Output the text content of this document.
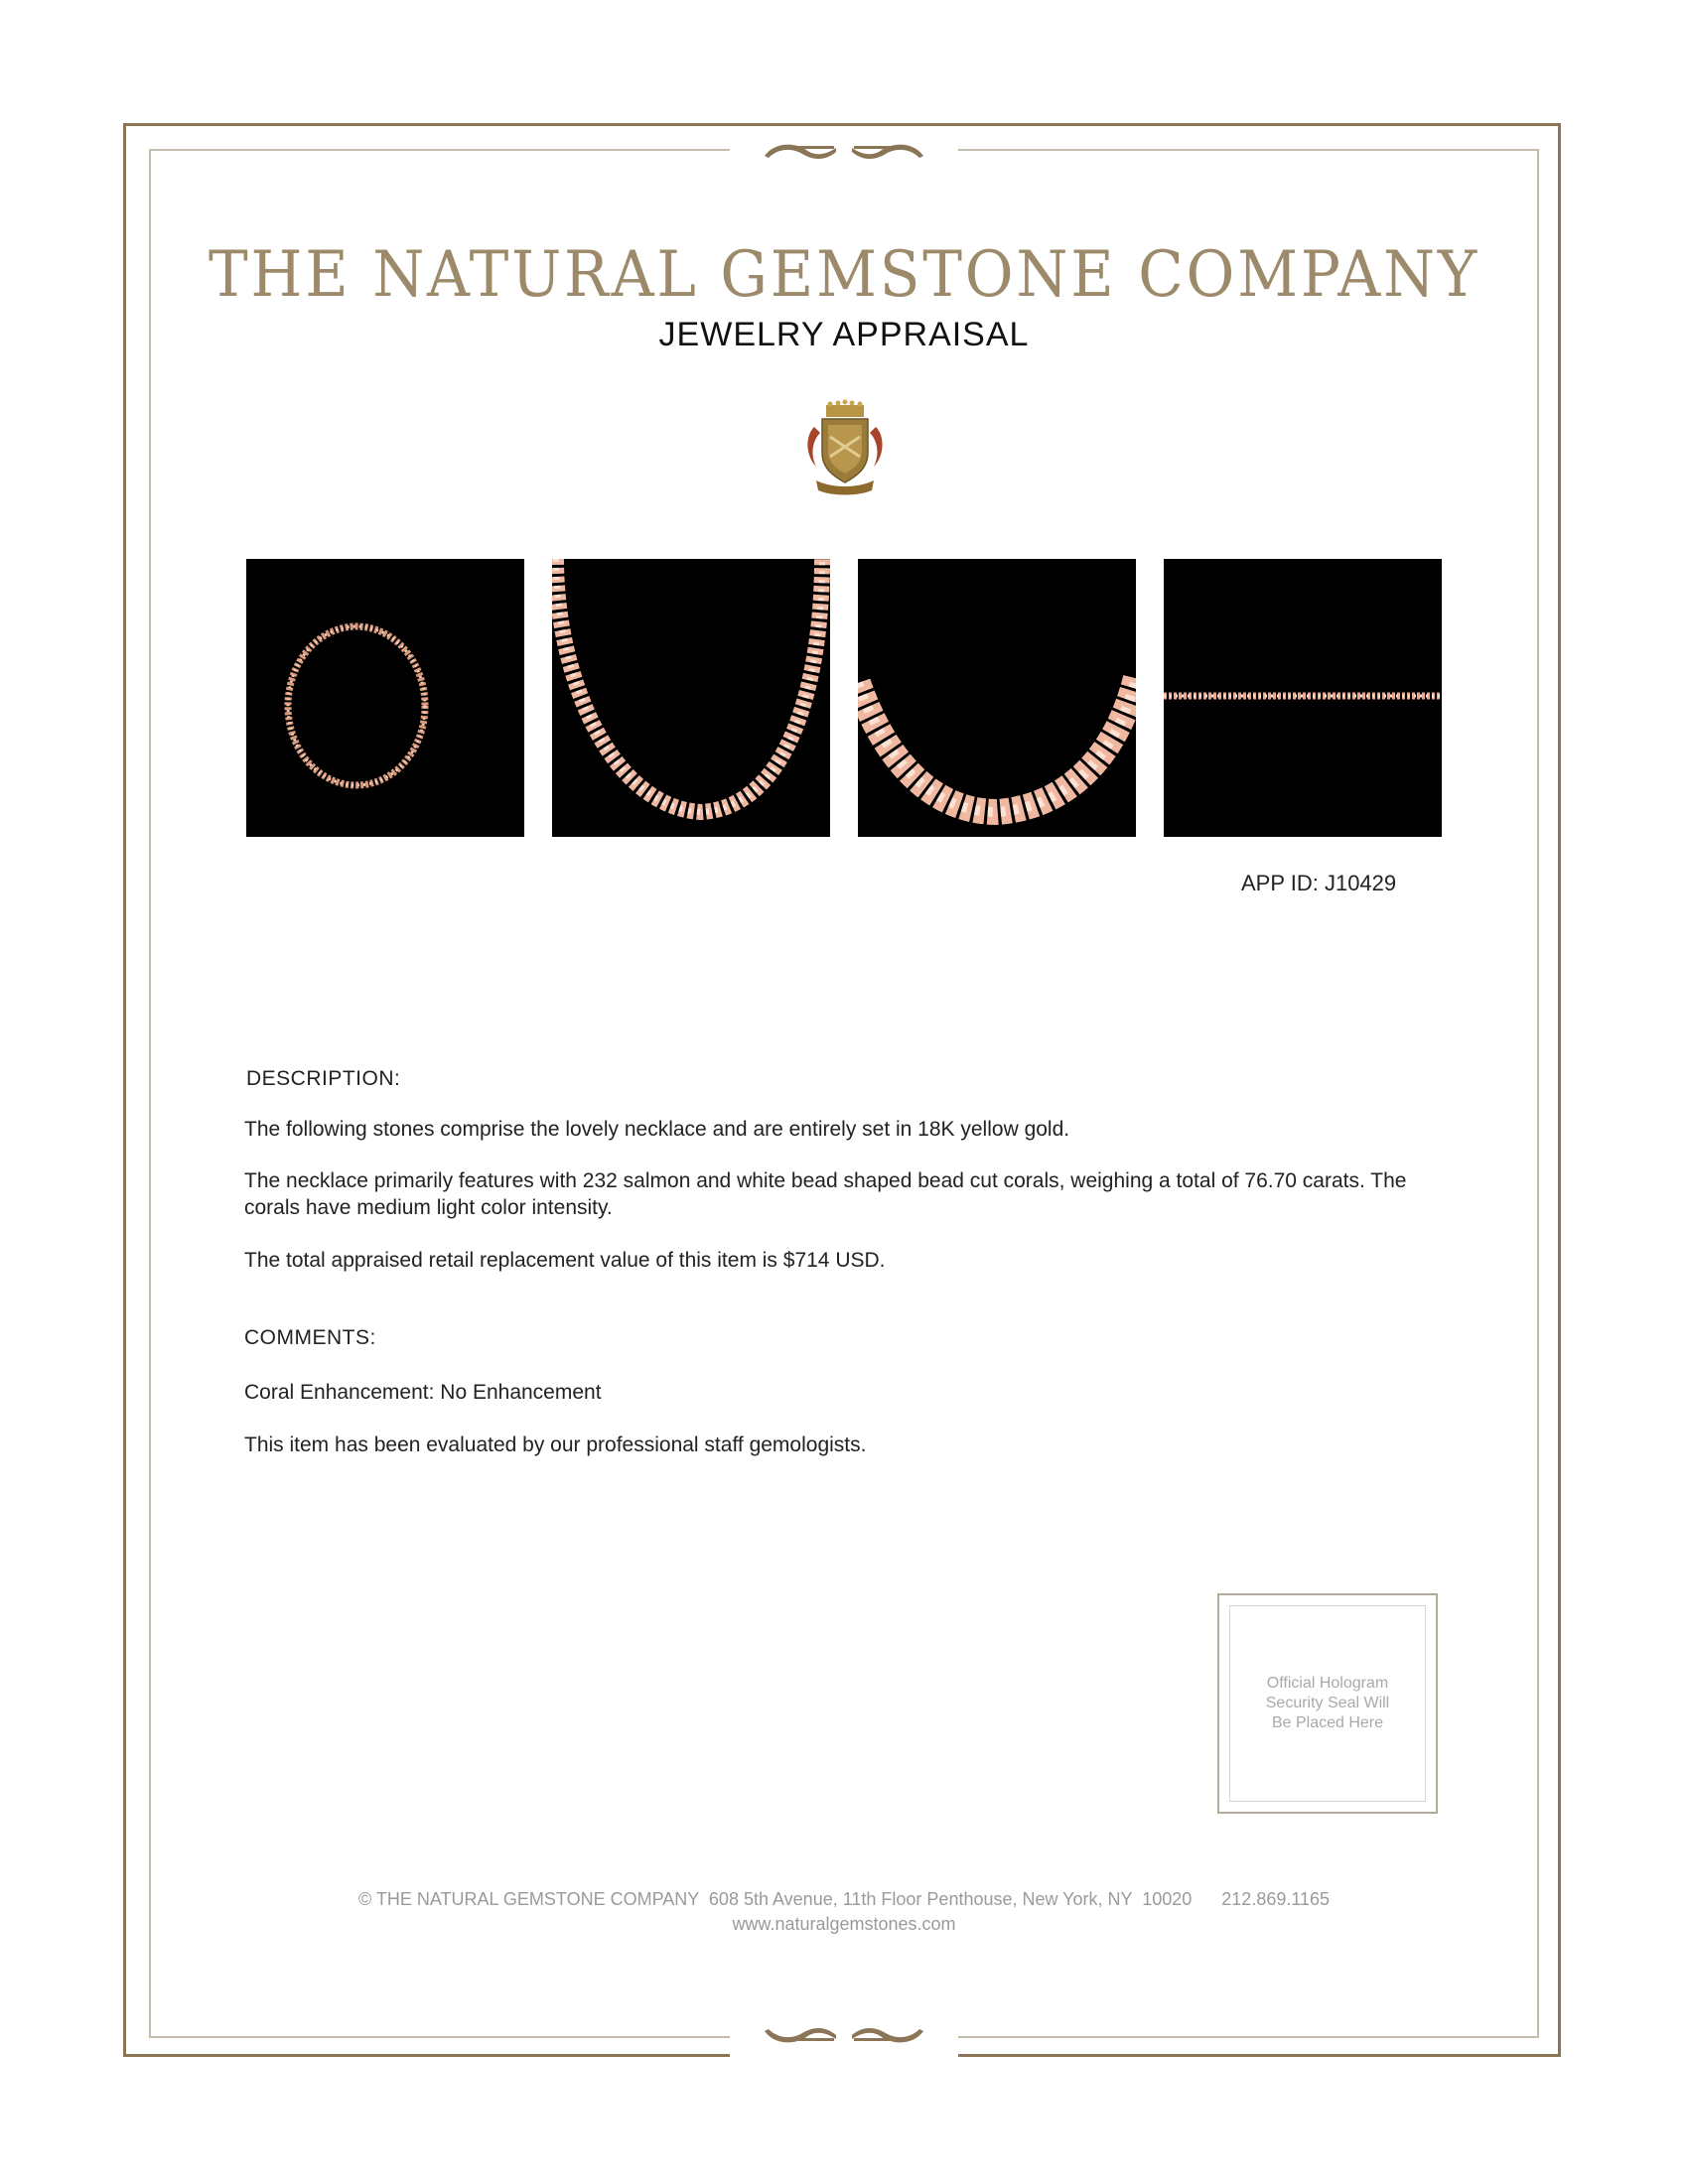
THE NATURAL GEMSTONE COMPANY
JEWELRY APPRAISAL
APP ID: J10429
DESCRIPTION:
The following stones comprise the lovely necklace and are entirely set in 18K yellow gold.
The necklace primarily features with 232 salmon and white bead shaped bead cut corals, weighing a total of 76.70 carats. The corals have medium light color intensity.
The total appraised retail replacement value of this item is $714 USD.
COMMENTS:
Coral Enhancement: No Enhancement
This item has been evaluated by our professional staff gemologists.
Official Hologram
Security Seal Will
Be Placed Here
© THE NATURAL GEMSTONE COMPANY  608 5th Avenue, 11th Floor Penthouse, New York, NY  10020      212.869.1165
www.naturalgemstones.com
